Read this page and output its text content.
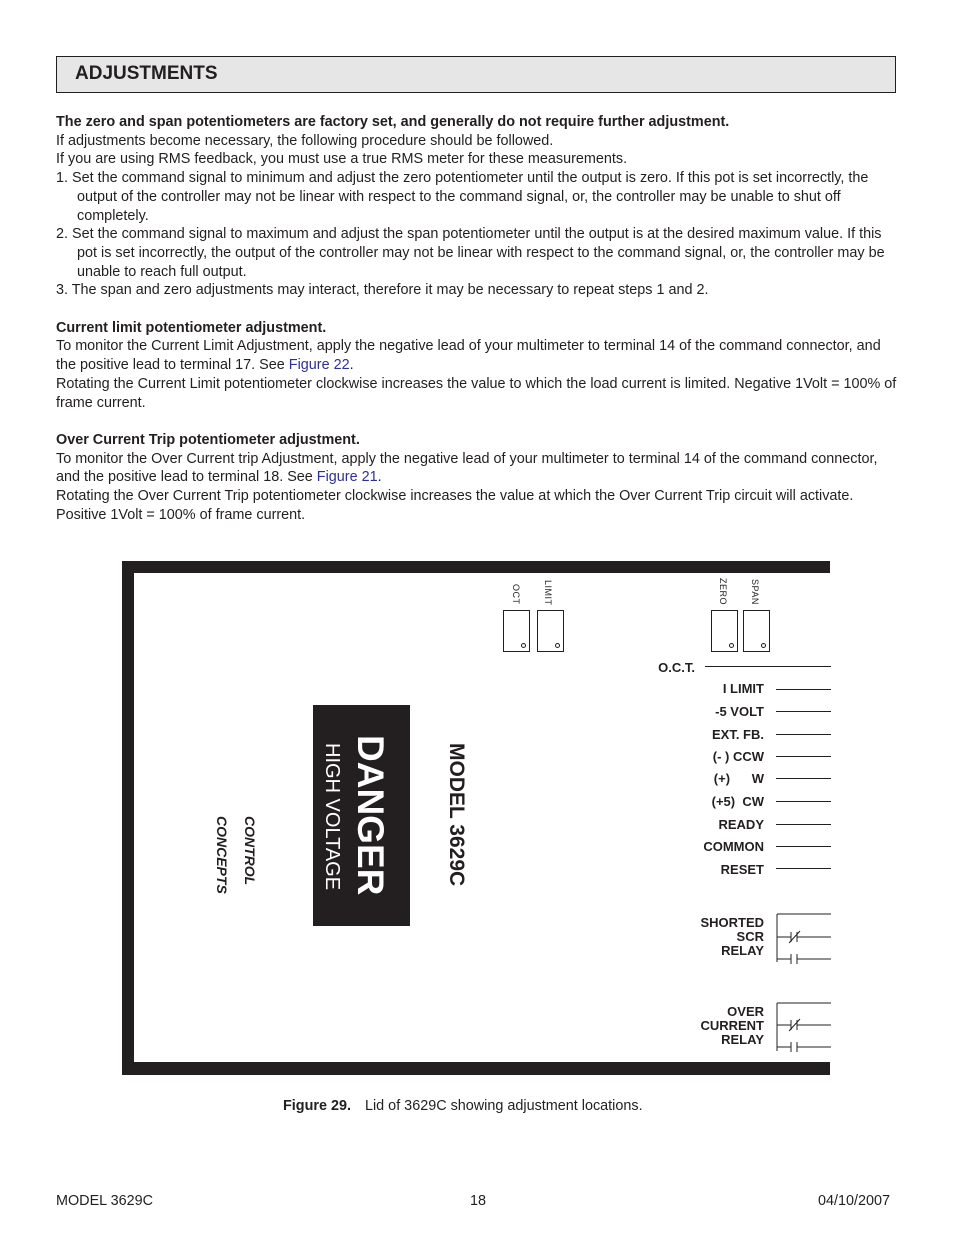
ADJUSTMENTS

The zero and span potentiometers are factory set, and generally do not require further adjustment.

If adjustments become necessary, the following procedure should be followed.

If you are using RMS feedback, you must use a true RMS meter for these measurements.

1. Set the command signal to minimum and adjust the zero potentiometer until the output is zero. If this pot is set incorrectly, the output of the controller may not be linear with respect to the command signal, or, the controller may be unable to shut off completely.

2. Set the command signal to maximum and adjust the span potentiometer until the output is at the desired maximum value. If this pot is set incorrectly, the output of the controller may not be linear with respect to the command signal, or, the controller may be unable to reach full output.

3. The span and zero adjustments may interact, therefore it may be necessary to repeat steps 1 and 2.

Current limit potentiometer adjustment.

To monitor the Current Limit Adjustment, apply the negative lead of your multimeter to terminal 14 of the command connector, and the positive lead to terminal 17. See Figure 22.

Rotating the Current Limit potentiometer clockwise increases the value to which the load current is limited. Negative 1Volt = 100% of frame current.

Over Current Trip potentiometer adjustment.

To monitor the Over Current trip Adjustment, apply the negative lead of your multimeter to terminal 14 of the command connector, and the positive lead to terminal 18. See Figure 21.

Rotating the Over Current Trip potentiometer clockwise increases the value at which the Over Current Trip circuit will activate. Positive 1Volt = 100% of frame current.

OCT LIMIT	ZERO SPAN
O.C.T.
I LIMIT
-5 VOLT
EXT. FB.
(- ) CCW
(+)      W
(+5)  CW
READY
COMMON
RESET
SHORTED
SCR
RELAY
OVER
CURRENT
RELAY
DANGER
HIGH VOLTAGE	MODEL 3629C
CONTROL
CONCEPTS
Figure 29. Lid of 3629C showing adjustment locations.
MODEL 3629C	18	04/10/2007
